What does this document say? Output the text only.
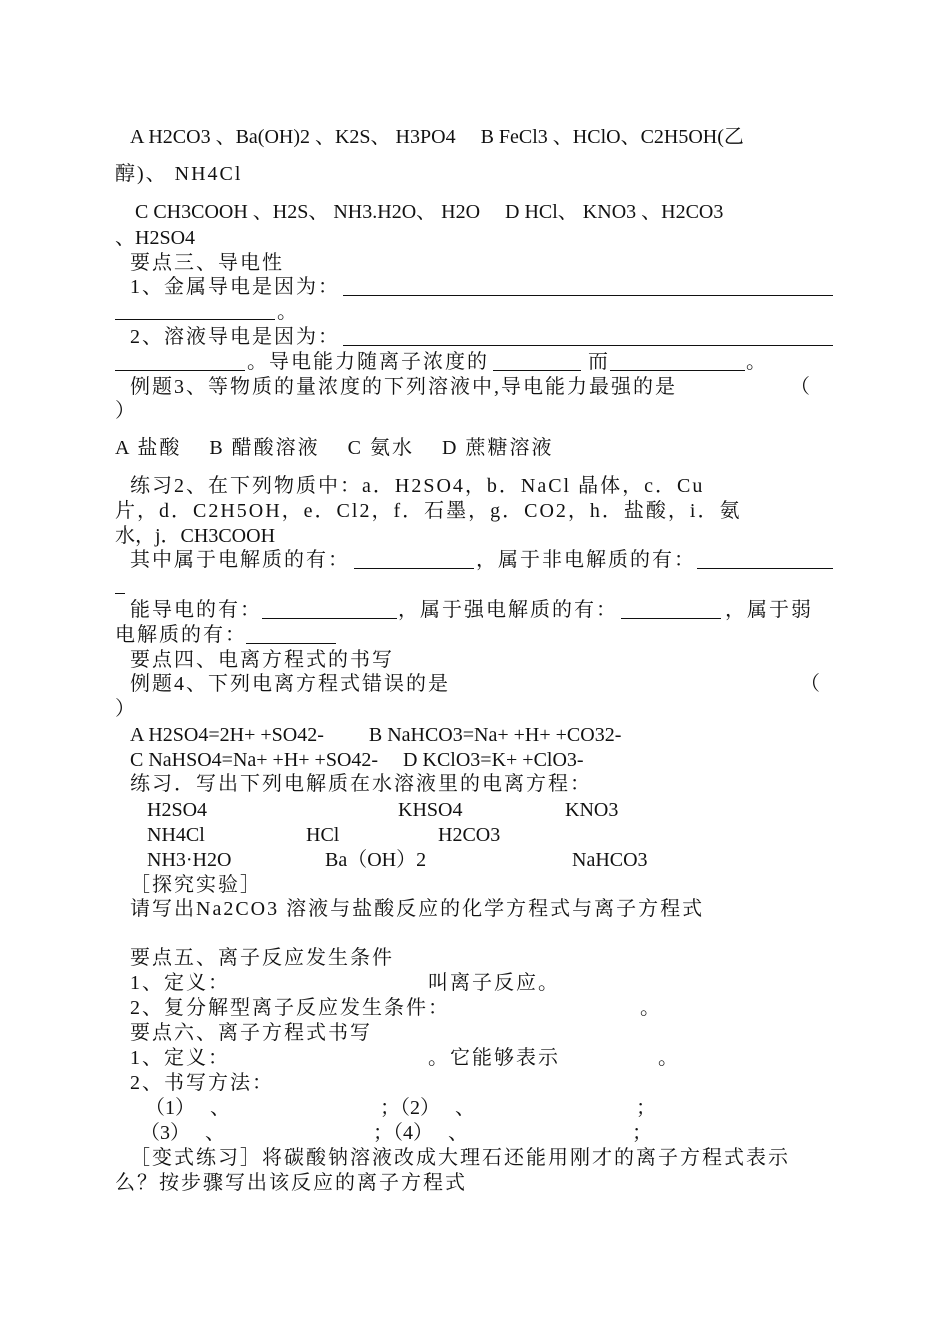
A H2CO3 、Ba(OH)2 、K2S、 H3PO4     B FeCl3 、HClO、C2H5OH(乙
醇)、 NH4Cl
C CH3COOH 、H2S、 NH3.H2O、 H2O     D HCl、 KNO3 、H2CO3
、H2SO4
要点三、导电性
1、金属导电是因为：
。
2、溶液导电是因为：
。导电能力随离子浓度的	而	。
例题3、等物质的量浓度的下列溶液中,导电能力最强的是	（
）
A 盐酸    B 醋酸溶液    C 氨水    D 蔗糖溶液
练习2、在下列物质中：a．H2SO4，b．NaCl 晶体，c．Cu
片，d．C2H5OH，e．Cl2，f．石墨，g．CO2，h．盐酸，i．氨
水，j．CH3COOH
其中属于电解质的有：	，属于非电解质的有：
能导电的有：	，属于强电解质的有：	，属于弱
电解质的有：
要点四、电离方程式的书写
例题4、下列电离方程式错误的是	（
）
A H2SO4=2H+ +SO42-         B NaHCO3=Na+ +H+ +CO32-
C NaHSO4=Na+ +H+ +SO42-     D KClO3=K+ +ClO3-
练习．写出下列电解质在水溶液里的电离方程：
H2SO4	KHSO4	KNO3
NH4Cl	HCl	H2CO3
NH3·H2O	Ba（OH）2	NaHCO3
［探究实验］
请写出Na2CO3 溶液与盐酸反应的化学方程式与离子方程式
要点五、离子反应发生条件
1、定义：	叫离子反应。
2、复分解型离子反应发生条件：	。
要点六、离子方程式书写
1、定义：	。它能够表示	。
2、书写方法：
（1）   、	；（2）   、	；
（3）   、	；（4）   、	；
［变式练习］将碳酸钠溶液改成大理石还能用刚才的离子方程式表示
么？按步骤写出该反应的离子方程式
